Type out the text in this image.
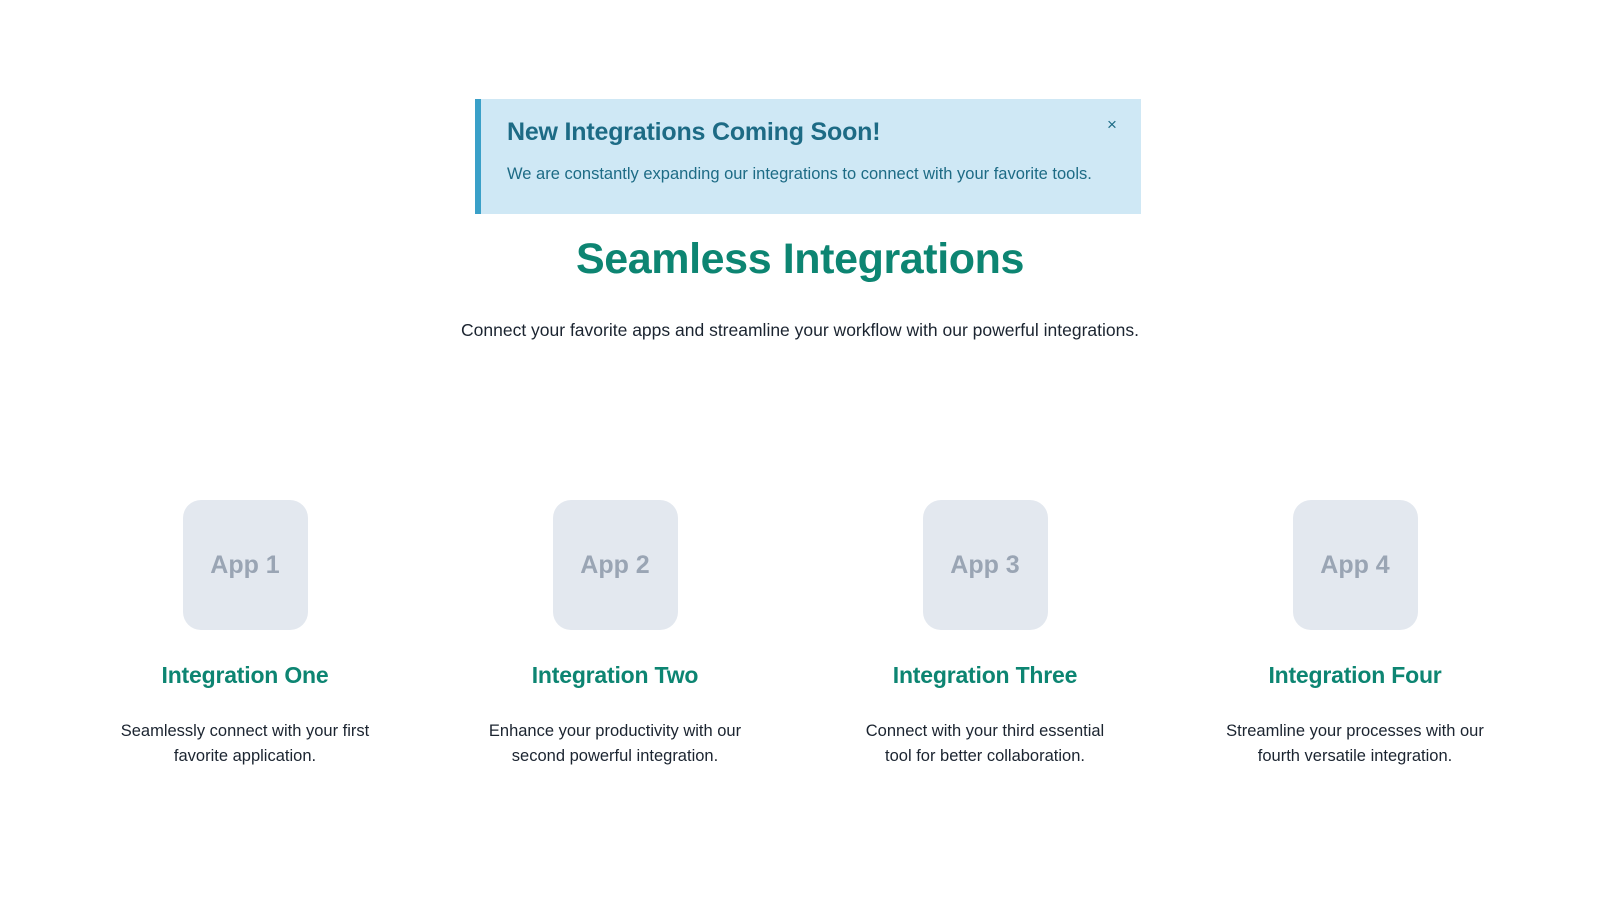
New Integrations Coming Soon!
We are constantly expanding our integrations to connect with your favorite tools.
×
Seamless Integrations
Connect your favorite apps and streamline your workflow with our powerful integrations.
App 1
Integration One
Seamlessly connect with your first favorite application.
App 2
Integration Two
Enhance your productivity with our second powerful integration.
App 3
Integration Three
Connect with your third essential tool for better collaboration.
App 4
Integration Four
Streamline your processes with our fourth versatile integration.
